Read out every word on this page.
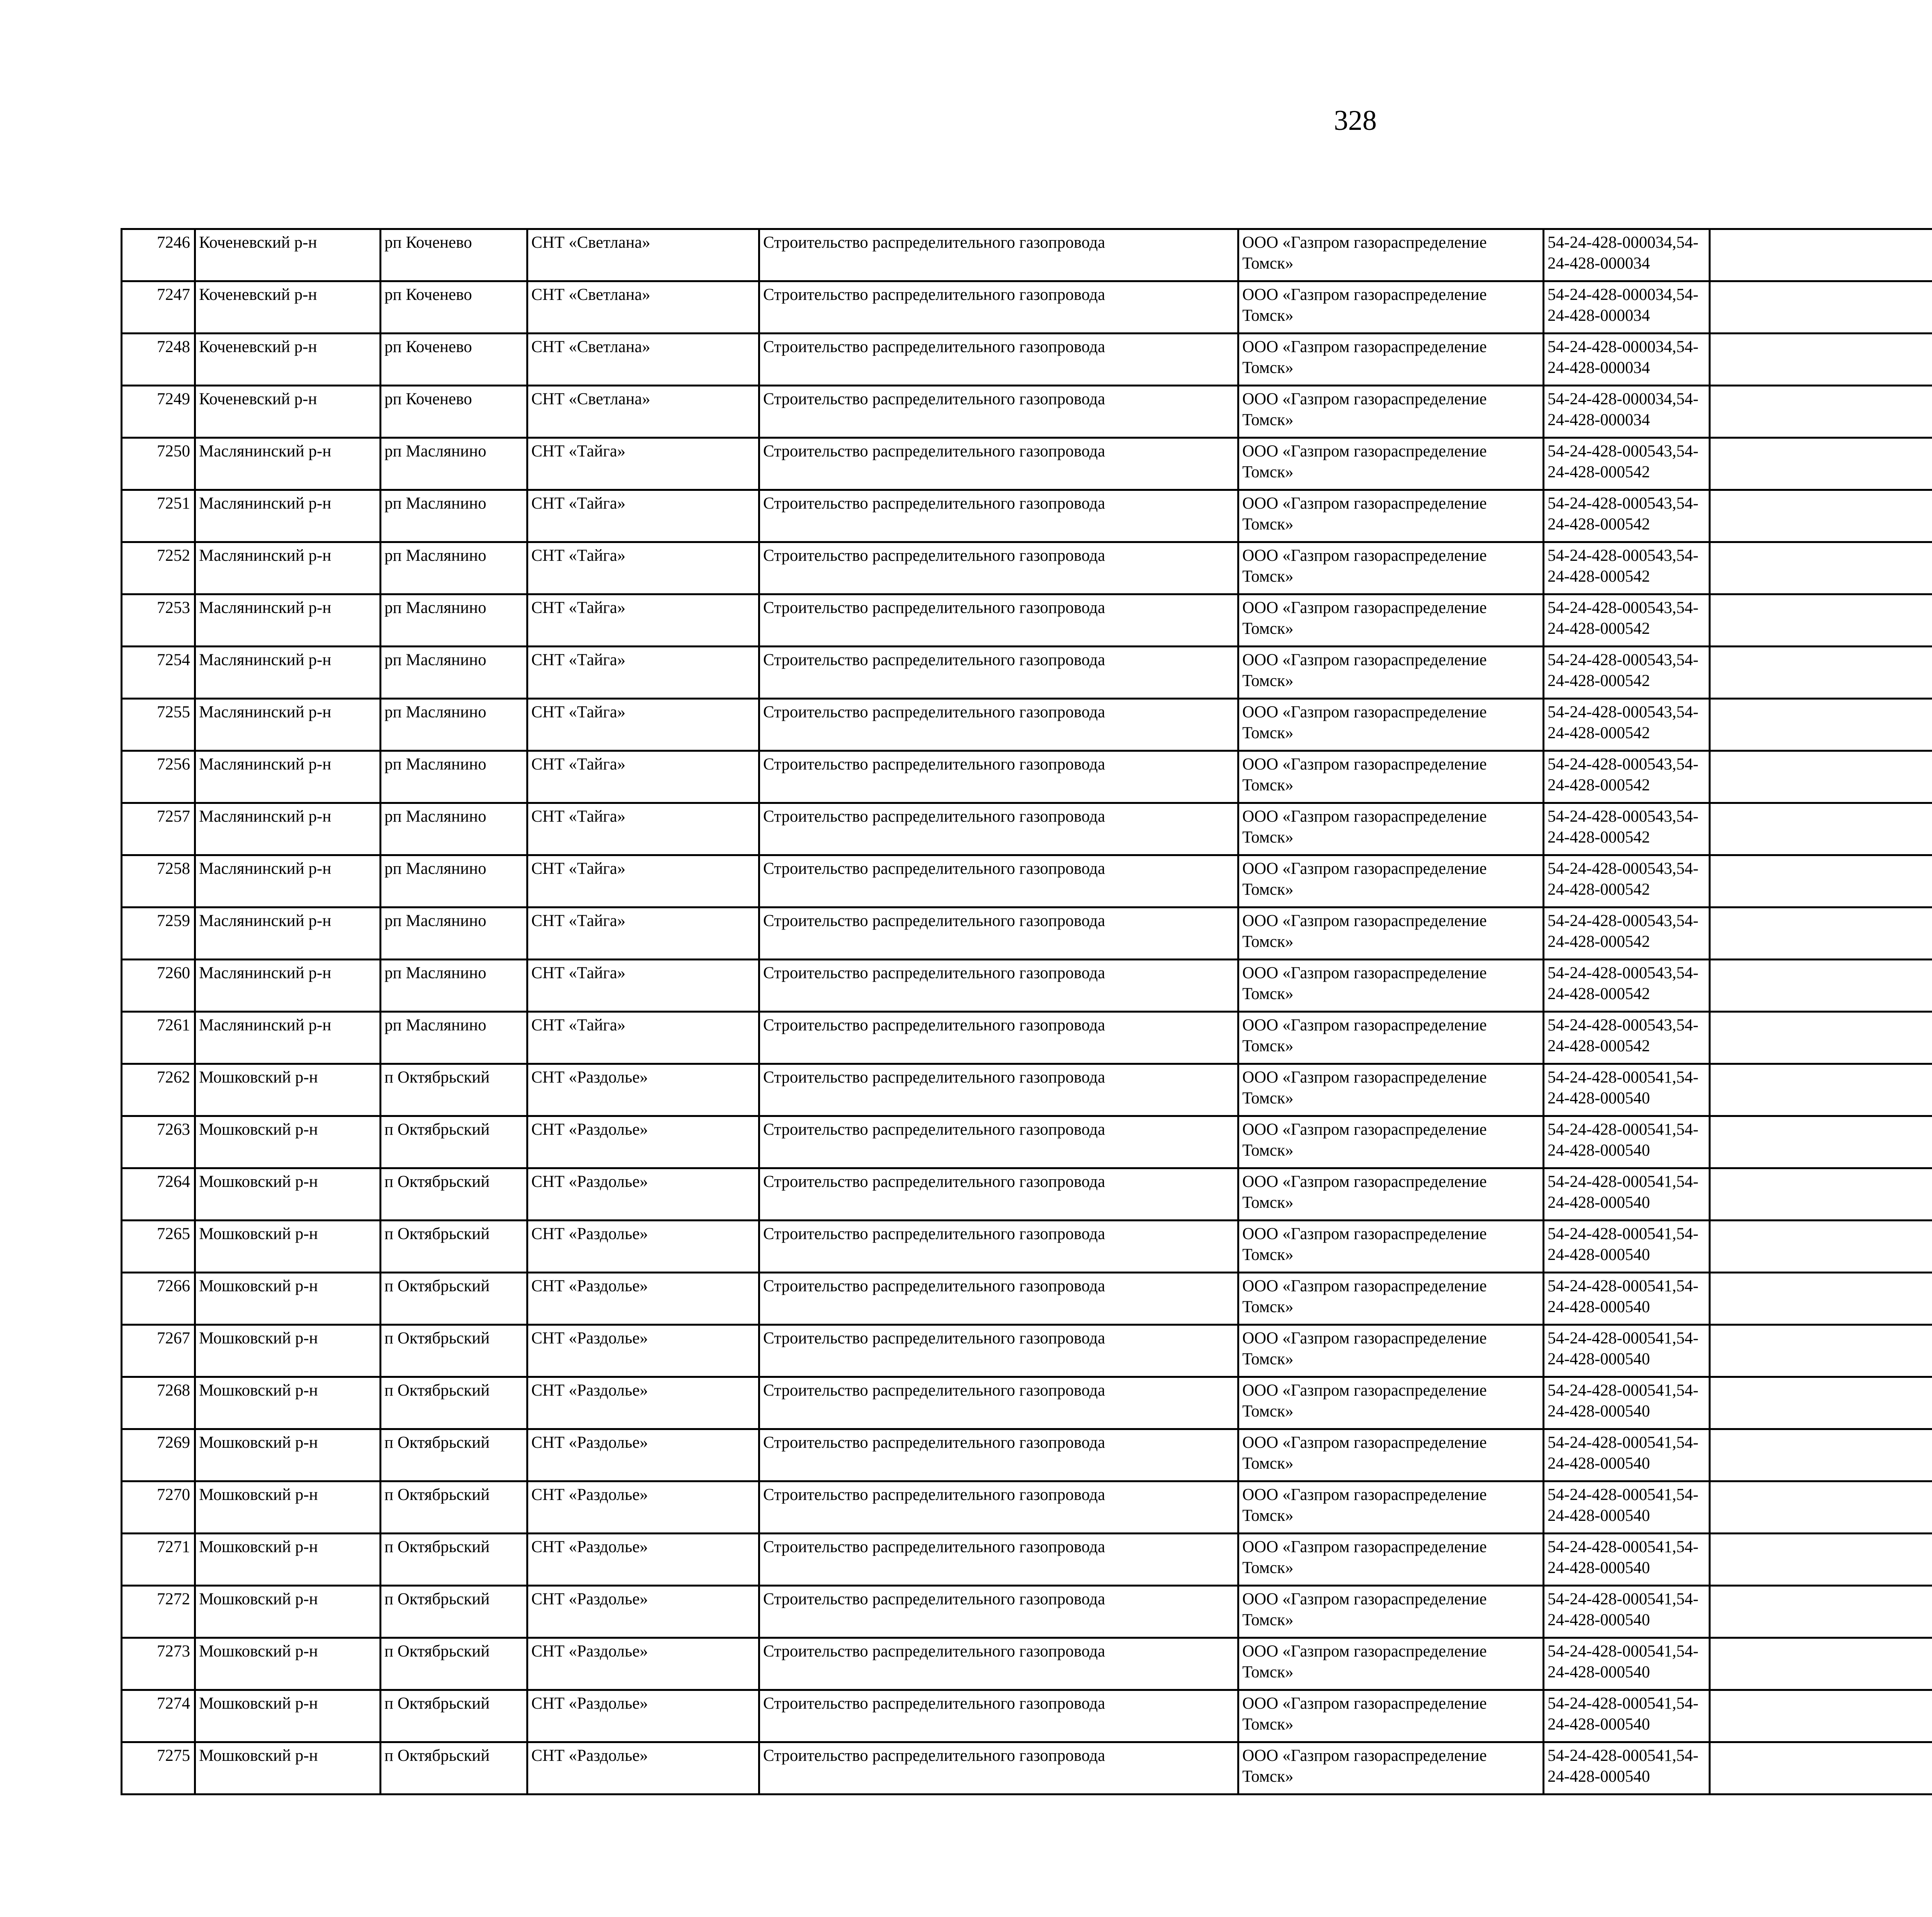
328
7246	Коченевский р-н	рп Коченево	СНТ «Светлана»	Строительство распределительного газопровода	ООО «Газпром газораспределение Томск»	54-24-428-000034,54-24-428-000034						
7247	Коченевский р-н	рп Коченево	СНТ «Светлана»	Строительство распределительного газопровода	ООО «Газпром газораспределение Томск»	54-24-428-000034,54-24-428-000034						
7248	Коченевский р-н	рп Коченево	СНТ «Светлана»	Строительство распределительного газопровода	ООО «Газпром газораспределение Томск»	54-24-428-000034,54-24-428-000034						
7249	Коченевский р-н	рп Коченево	СНТ «Светлана»	Строительство распределительного газопровода	ООО «Газпром газораспределение Томск»	54-24-428-000034,54-24-428-000034						
7250	Маслянинский р-н	рп Маслянино	СНТ «Тайга»	Строительство распределительного газопровода	ООО «Газпром газораспределение Томск»	54-24-428-000543,54-24-428-000542						
7251	Маслянинский р-н	рп Маслянино	СНТ «Тайга»	Строительство распределительного газопровода	ООО «Газпром газораспределение Томск»	54-24-428-000543,54-24-428-000542						
7252	Маслянинский р-н	рп Маслянино	СНТ «Тайга»	Строительство распределительного газопровода	ООО «Газпром газораспределение Томск»	54-24-428-000543,54-24-428-000542						
7253	Маслянинский р-н	рп Маслянино	СНТ «Тайга»	Строительство распределительного газопровода	ООО «Газпром газораспределение Томск»	54-24-428-000543,54-24-428-000542						
7254	Маслянинский р-н	рп Маслянино	СНТ «Тайга»	Строительство распределительного газопровода	ООО «Газпром газораспределение Томск»	54-24-428-000543,54-24-428-000542						
7255	Маслянинский р-н	рп Маслянино	СНТ «Тайга»	Строительство распределительного газопровода	ООО «Газпром газораспределение Томск»	54-24-428-000543,54-24-428-000542						
7256	Маслянинский р-н	рп Маслянино	СНТ «Тайга»	Строительство распределительного газопровода	ООО «Газпром газораспределение Томск»	54-24-428-000543,54-24-428-000542						
7257	Маслянинский р-н	рп Маслянино	СНТ «Тайга»	Строительство распределительного газопровода	ООО «Газпром газораспределение Томск»	54-24-428-000543,54-24-428-000542						
7258	Маслянинский р-н	рп Маслянино	СНТ «Тайга»	Строительство распределительного газопровода	ООО «Газпром газораспределение Томск»	54-24-428-000543,54-24-428-000542						
7259	Маслянинский р-н	рп Маслянино	СНТ «Тайга»	Строительство распределительного газопровода	ООО «Газпром газораспределение Томск»	54-24-428-000543,54-24-428-000542						
7260	Маслянинский р-н	рп Маслянино	СНТ «Тайга»	Строительство распределительного газопровода	ООО «Газпром газораспределение Томск»	54-24-428-000543,54-24-428-000542						
7261	Маслянинский р-н	рп Маслянино	СНТ «Тайга»	Строительство распределительного газопровода	ООО «Газпром газораспределение Томск»	54-24-428-000543,54-24-428-000542						
7262	Мошковский р-н	п Октябрьский	СНТ «Раздолье»	Строительство распределительного газопровода	ООО «Газпром газораспределение Томск»	54-24-428-000541,54-24-428-000540						
7263	Мошковский р-н	п Октябрьский	СНТ «Раздолье»	Строительство распределительного газопровода	ООО «Газпром газораспределение Томск»	54-24-428-000541,54-24-428-000540						
7264	Мошковский р-н	п Октябрьский	СНТ «Раздолье»	Строительство распределительного газопровода	ООО «Газпром газораспределение Томск»	54-24-428-000541,54-24-428-000540						
7265	Мошковский р-н	п Октябрьский	СНТ «Раздолье»	Строительство распределительного газопровода	ООО «Газпром газораспределение Томск»	54-24-428-000541,54-24-428-000540						
7266	Мошковский р-н	п Октябрьский	СНТ «Раздолье»	Строительство распределительного газопровода	ООО «Газпром газораспределение Томск»	54-24-428-000541,54-24-428-000540						
7267	Мошковский р-н	п Октябрьский	СНТ «Раздолье»	Строительство распределительного газопровода	ООО «Газпром газораспределение Томск»	54-24-428-000541,54-24-428-000540						
7268	Мошковский р-н	п Октябрьский	СНТ «Раздолье»	Строительство распределительного газопровода	ООО «Газпром газораспределение Томск»	54-24-428-000541,54-24-428-000540						
7269	Мошковский р-н	п Октябрьский	СНТ «Раздолье»	Строительство распределительного газопровода	ООО «Газпром газораспределение Томск»	54-24-428-000541,54-24-428-000540						
7270	Мошковский р-н	п Октябрьский	СНТ «Раздолье»	Строительство распределительного газопровода	ООО «Газпром газораспределение Томск»	54-24-428-000541,54-24-428-000540						
7271	Мошковский р-н	п Октябрьский	СНТ «Раздолье»	Строительство распределительного газопровода	ООО «Газпром газораспределение Томск»	54-24-428-000541,54-24-428-000540						
7272	Мошковский р-н	п Октябрьский	СНТ «Раздолье»	Строительство распределительного газопровода	ООО «Газпром газораспределение Томск»	54-24-428-000541,54-24-428-000540						
7273	Мошковский р-н	п Октябрьский	СНТ «Раздолье»	Строительство распределительного газопровода	ООО «Газпром газораспределение Томск»	54-24-428-000541,54-24-428-000540						
7274	Мошковский р-н	п Октябрьский	СНТ «Раздолье»	Строительство распределительного газопровода	ООО «Газпром газораспределение Томск»	54-24-428-000541,54-24-428-000540						
7275	Мошковский р-н	п Октябрьский	СНТ «Раздолье»	Строительство распределительного газопровода	ООО «Газпром газораспределение Томск»	54-24-428-000541,54-24-428-000540						
